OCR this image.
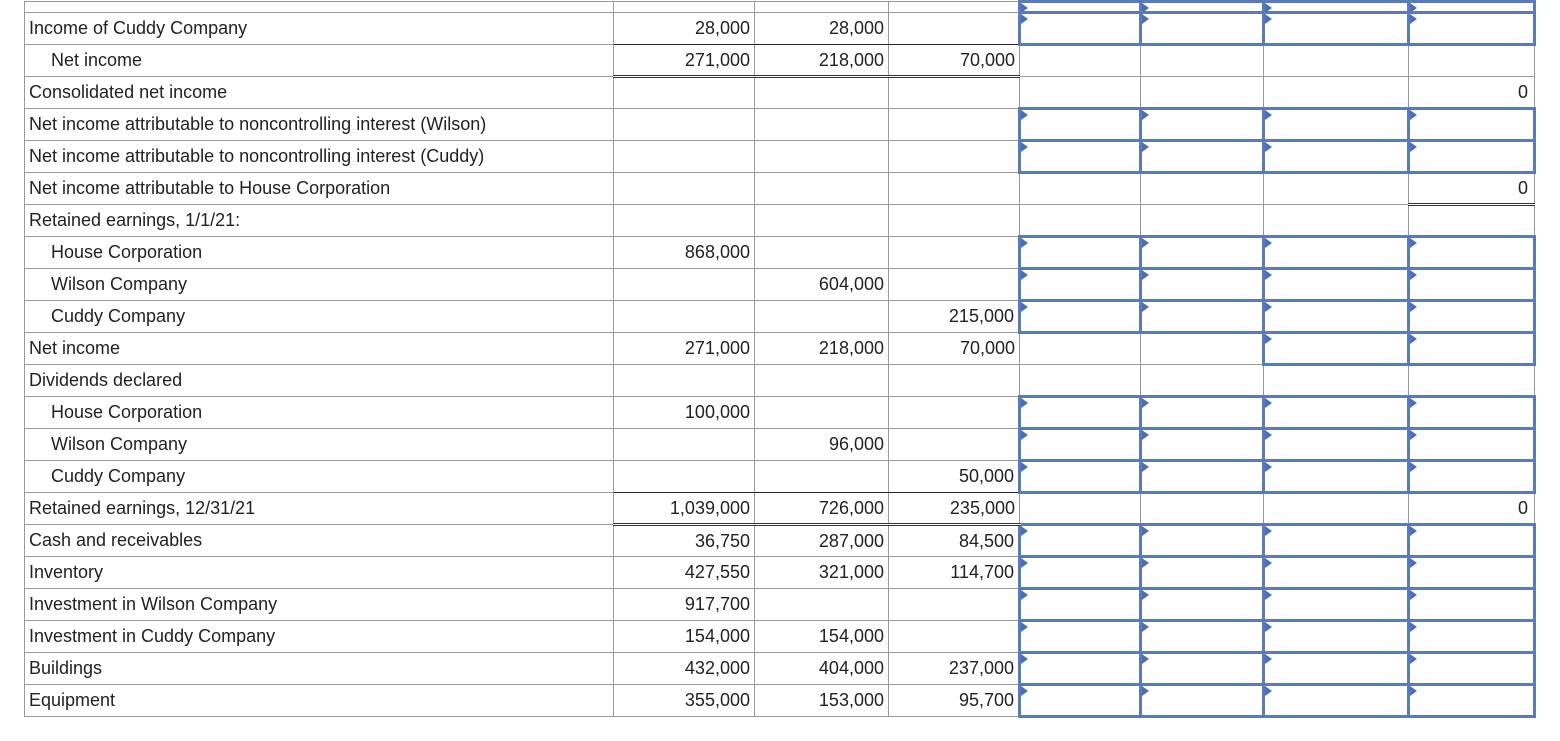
Income of Cuddy Company	28,000	28,000					
Net income	271,000	218,000	70,000				
Consolidated net income							0
Net income attributable to noncontrolling interest (Wilson)							
Net income attributable to noncontrolling interest (Cuddy)							
Net income attributable to House Corporation							0
Retained earnings, 1/1/21:							
House Corporation	868,000						
Wilson Company		604,000					
Cuddy Company			215,000				
Net income	271,000	218,000	70,000				
Dividends declared							
House Corporation	100,000						
Wilson Company		96,000					
Cuddy Company			50,000				
Retained earnings, 12/31/21	1,039,000	726,000	235,000				0
Cash and receivables	36,750	287,000	84,500				
Inventory	427,550	321,000	114,700				
Investment in Wilson Company	917,700						
Investment in Cuddy Company	154,000	154,000					
Buildings	432,000	404,000	237,000				
Equipment	355,000	153,000	95,700				
